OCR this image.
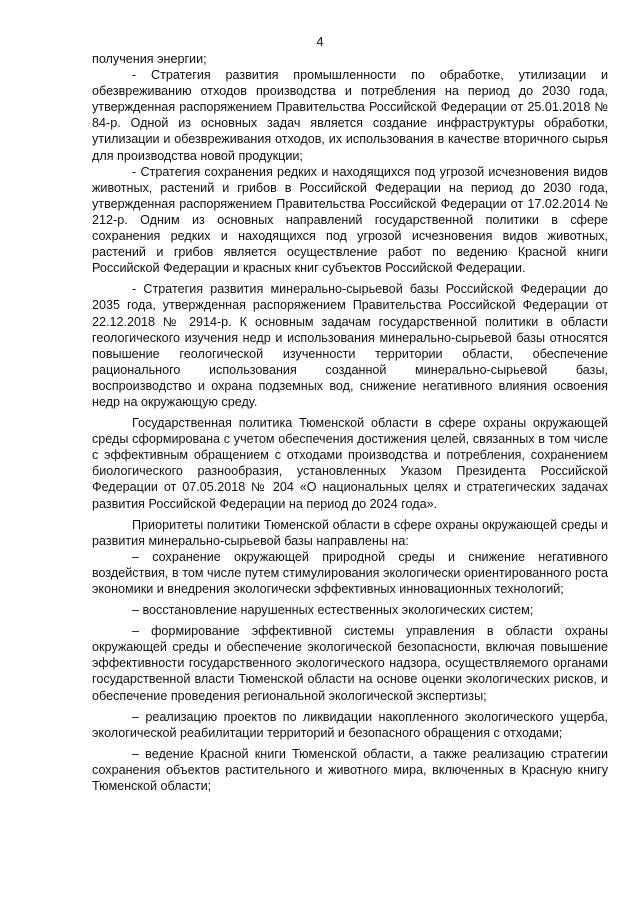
4

получения энергии;

- Стратегия развития промышленности по обработке, утилизации и обезвреживанию отходов производства и потребления на период до 2030 года, утвержденная распоряжением Правительства Российской Федерации от 25.01.2018 № 84-р. Одной из основных задач является создание инфраструктуры обработки, утилизации и обезвреживания отходов, их использования в качестве вторичного сырья для производства новой продукции;

- Стратегия сохранения редких и находящихся под угрозой исчезновения видов животных, растений и грибов в Российской Федерации на период до 2030 года, утвержденная распоряжением Правительства Российской Федерации от 17.02.2014 № 212-р. Одним из основных направлений государственной политики в сфере сохранения редких и находящихся под угрозой исчезновения видов животных, растений и грибов является осуществление работ по ведению Красной книги Российской Федерации и красных книг субъектов Российской Федерации.

- Стратегия развития минерально-сырьевой базы Российской Федерации до 2035 года, утвержденная распоряжением Правительства Российской Федерации от 22.12.2018 № 2914-р. К основным задачам государственной политики в области геологического изучения недр и использования минерально-сырьевой базы относятся повышение геологической изученности территории области, обеспечение рационального использования созданной минерально-сырьевой базы, воспроизводство и охрана подземных вод, снижение негативного влияния освоения недр на окружающую среду.

Государственная политика Тюменской области в сфере охраны окружающей среды сформирована с учетом обеспечения достижения целей, связанных в том числе с эффективным обращением с отходами производства и потребления, сохранением биологического разнообразия, установленных Указом Президента Российской Федерации от 07.05.2018 № 204 «О национальных целях и стратегических задачах развития Российской Федерации на период до 2024 года».

Приоритеты политики Тюменской области в сфере охраны окружающей среды и развития минерально-сырьевой базы направлены на:

– сохранение окружающей природной среды и снижение негативного воздействия, в том числе путем стимулирования экологически ориентированного роста экономики и внедрения экологически эффективных инновационных технологий;

– восстановление нарушенных естественных экологических систем;

– формирование эффективной системы управления в области охраны окружающей среды и обеспечение экологической безопасности, включая повышение эффективности государственного экологического надзора, осуществляемого органами государственной власти Тюменской области на основе оценки экологических рисков, и обеспечение проведения региональной экологической экспертизы;

– реализацию проектов по ликвидации накопленного экологического ущерба, экологической реабилитации территорий и безопасного обращения с отходами;

– ведение Красной книги Тюменской области, а также реализацию стратегии сохранения объектов растительного и животного мира, включенных в Красную книгу Тюменской области;
